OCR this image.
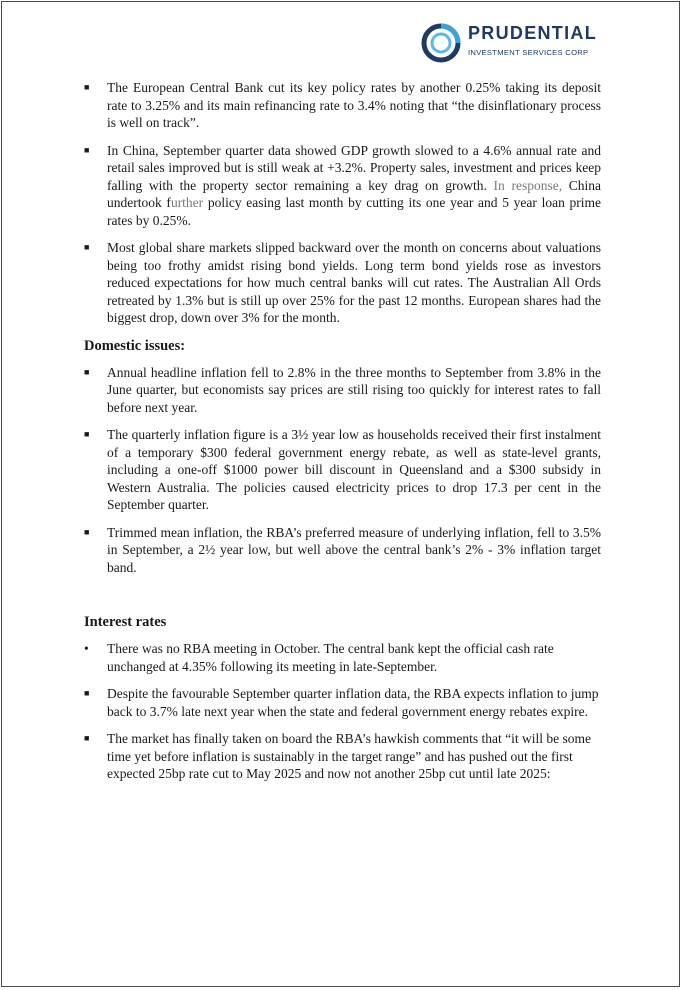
PRUDENTIAL
INVESTMENT SERVICES CORP
■ The European Central Bank cut its key policy rates by another 0.25% taking its deposit rate to 3.25% and its main refinancing rate to 3.4% noting that “the disinflationary process is well on track”.
■ In China, September quarter data showed GDP growth slowed to a 4.6% annual rate and retail sales improved but is still weak at +3.2%. Property sales, investment and prices keep falling with the property sector remaining a key drag on growth. In response, China undertook further policy easing last month by cutting its one year and 5 year loan prime rates by 0.25%.
■ Most global share markets slipped backward over the month on concerns about valuations being too frothy amidst rising bond yields. Long term bond yields rose as investors reduced expectations for how much central banks will cut rates. The Australian All Ords retreated by 1.3% but is still up over 25% for the past 12 months. European shares had the biggest drop, down over 3% for the month.
Domestic issues:
■ Annual headline inflation fell to 2.8% in the three months to September from 3.8% in the June quarter, but economists say prices are still rising too quickly for interest rates to fall before next year.
■ The quarterly inflation figure is a 3½ year low as households received their first instalment of a temporary $300 federal government energy rebate, as well as state-level grants, including a one-off $1000 power bill discount in Queensland and a $300 subsidy in Western Australia. The policies caused electricity prices to drop 17.3 per cent in the September quarter.
■ Trimmed mean inflation, the RBA’s preferred measure of underlying inflation, fell to 3.5% in September, a 2½ year low, but well above the central bank’s 2% - 3% inflation target band.
Interest rates
• There was no RBA meeting in October. The central bank kept the official cash rate unchanged at 4.35% following its meeting in late-September.
■ Despite the favourable September quarter inflation data, the RBA expects inflation to jump back to 3.7% late next year when the state and federal government energy rebates expire.
■ The market has finally taken on board the RBA’s hawkish comments that “it will be some time yet before inflation is sustainably in the target range” and has pushed out the first expected 25bp rate cut to May 2025 and now not another 25bp cut until late 2025:
